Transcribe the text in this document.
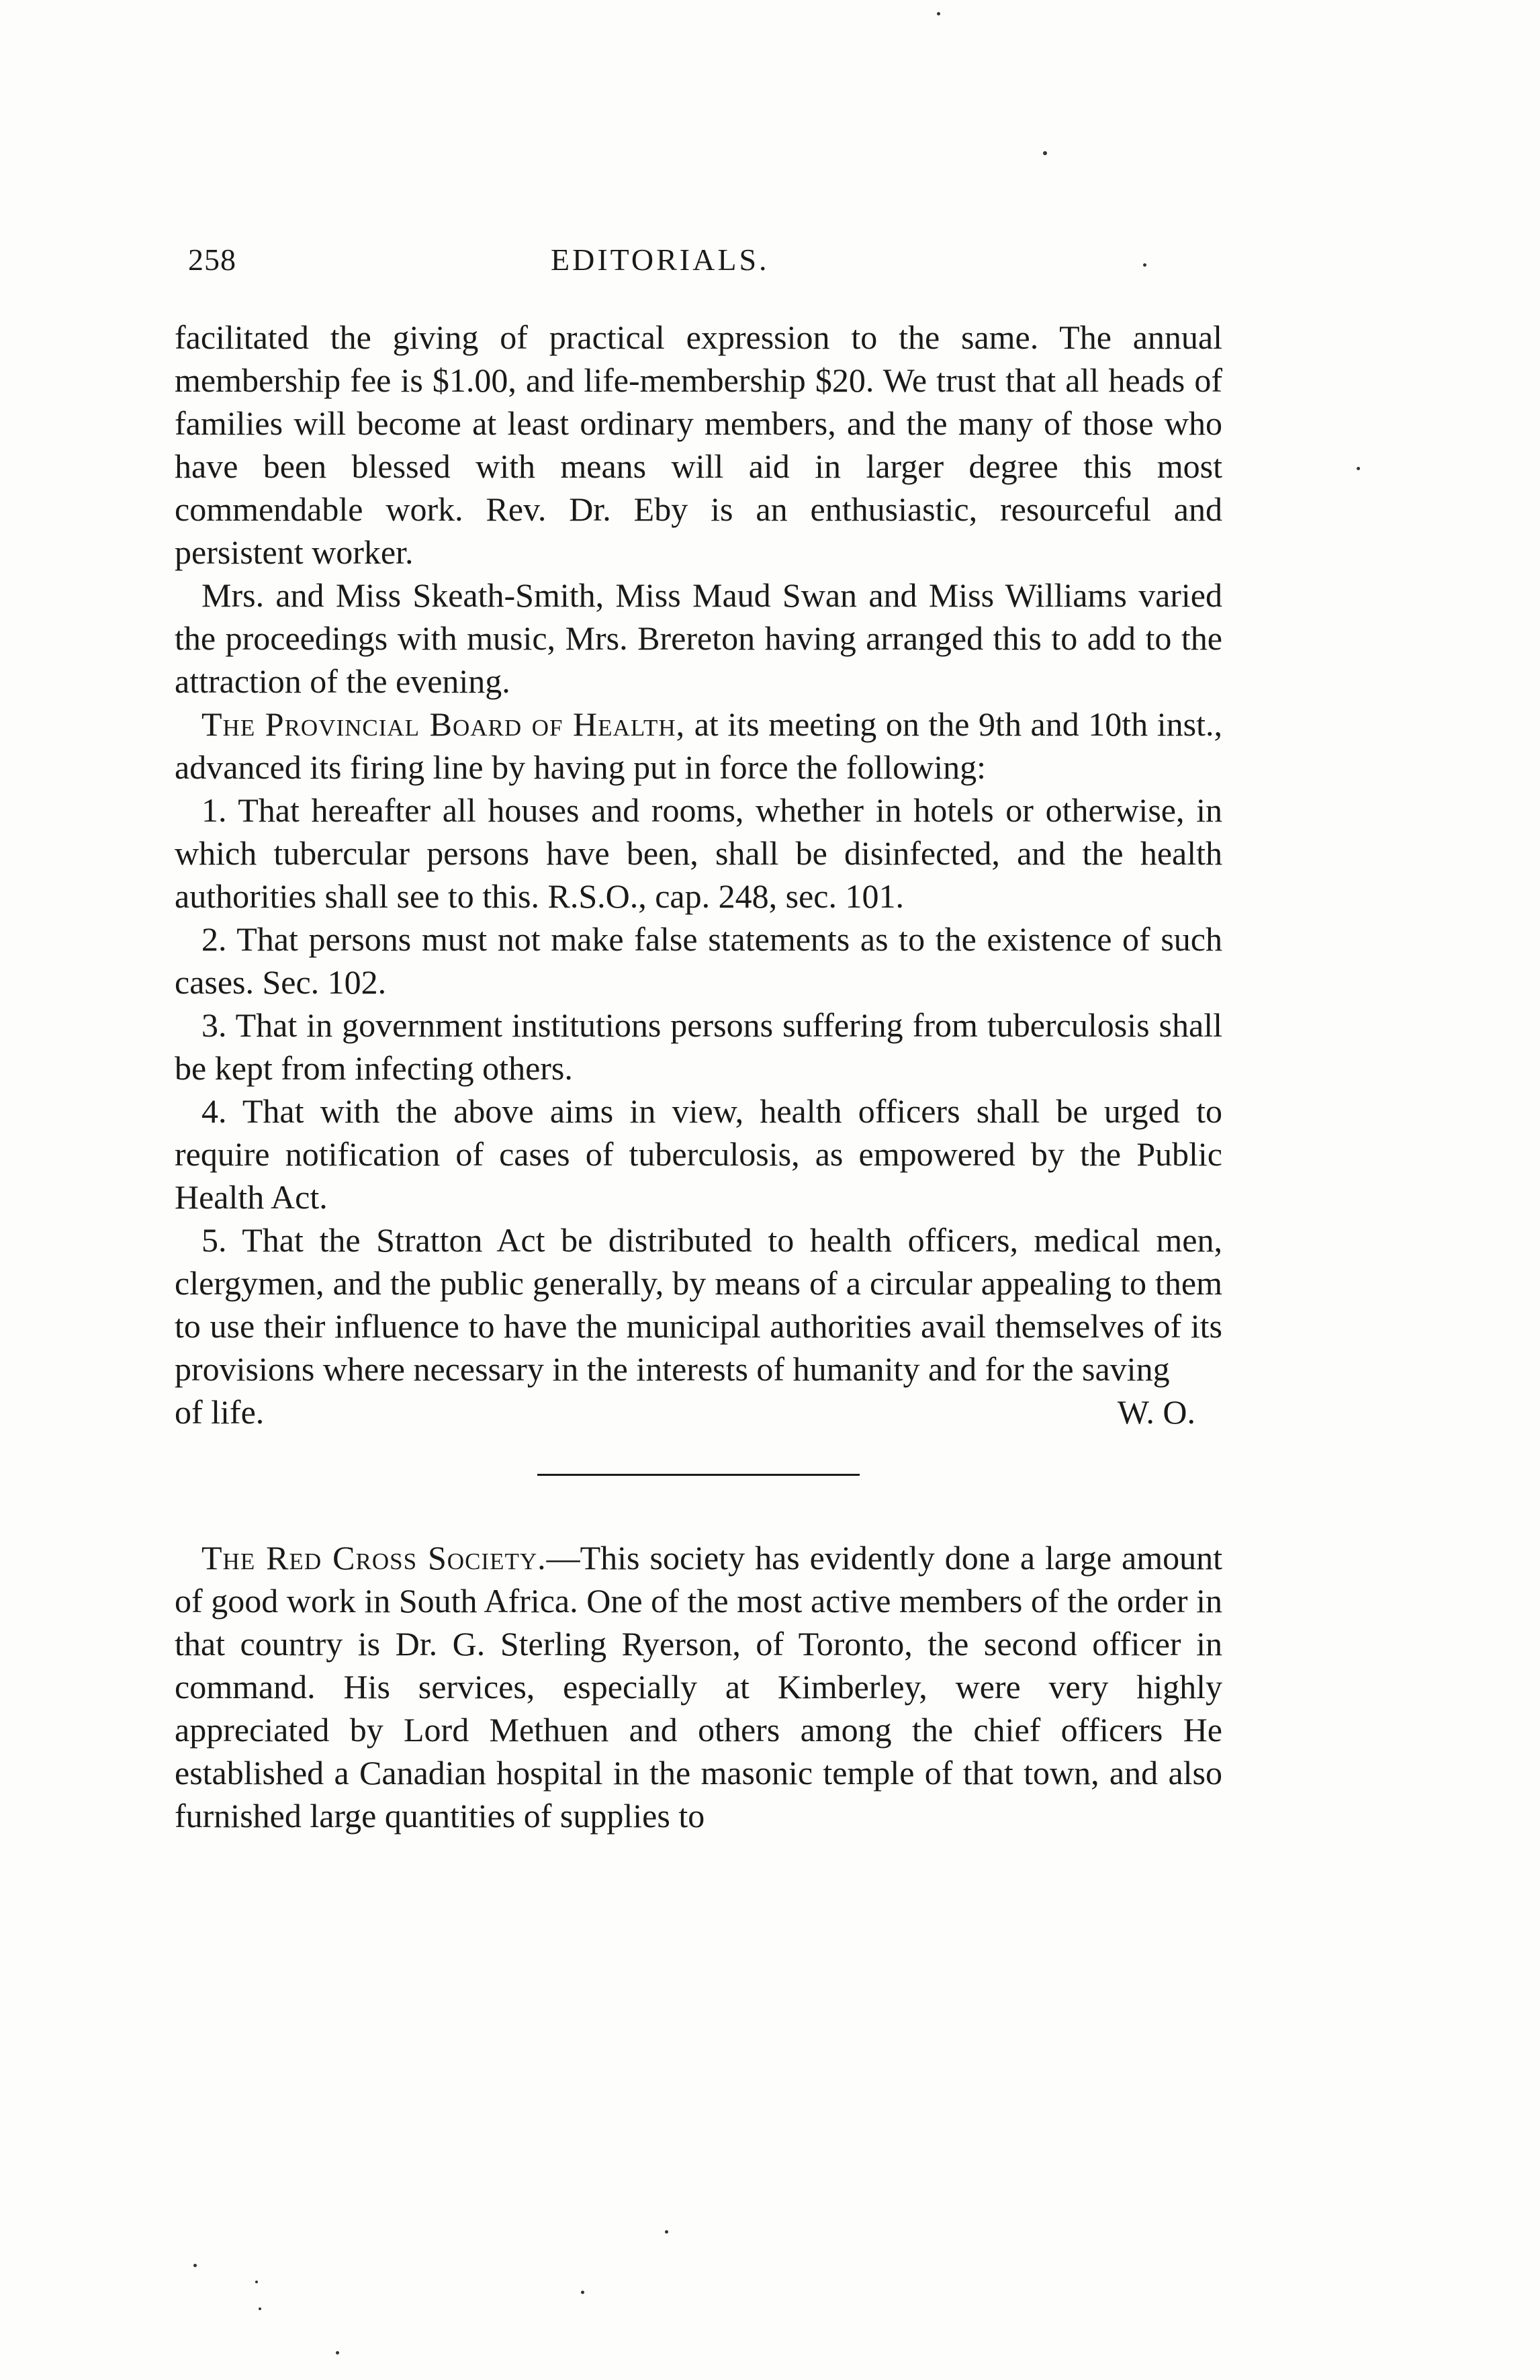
258	EDITORIALS.

facilitated the giving of practical expression to the same. The annual membership fee is $1.00, and life-membership $20. We trust that all heads of families will become at least ordinary members, and the many of those who have been blessed with means will aid in larger degree this most commendable work. Rev. Dr. Eby is an enthusiastic, resourceful and persistent worker.

Mrs. and Miss Skeath-Smith, Miss Maud Swan and Miss Williams varied the proceedings with music, Mrs. Brereton having arranged this to add to the attraction of the evening.

The Provincial Board of Health, at its meeting on the 9th and 10th inst., advanced its firing line by having put in force the following:

1. That hereafter all houses and rooms, whether in hotels or otherwise, in which tubercular persons have been, shall be disinfected, and the health authorities shall see to this. R.S.O., cap. 248, sec. 101.

2. That persons must not make false statements as to the existence of such cases. Sec. 102.

3. That in government institutions persons suffering from tuberculosis shall be kept from infecting others.

4. That with the above aims in view, health officers shall be urged to require notification of cases of tuberculosis, as empowered by the Public Health Act.

5. That the Stratton Act be distributed to health officers, medical men, clergymen, and the public generally, by means of a circular appealing to them to use their influence to have the municipal authorities avail themselves of its provisions where necessary in the interests of humanity and for the saving

of life.	W. O.

The Red Cross Society.—This society has evidently done a large amount of good work in South Africa. One of the most active members of the order in that country is Dr. G. Sterling Ryerson, of Toronto, the second officer in command. His services, especially at Kimberley, were very highly appreciated by Lord Methuen and others among the chief officers He established a Canadian hospital in the masonic temple of that town, and also furnished large quantities of supplies to
